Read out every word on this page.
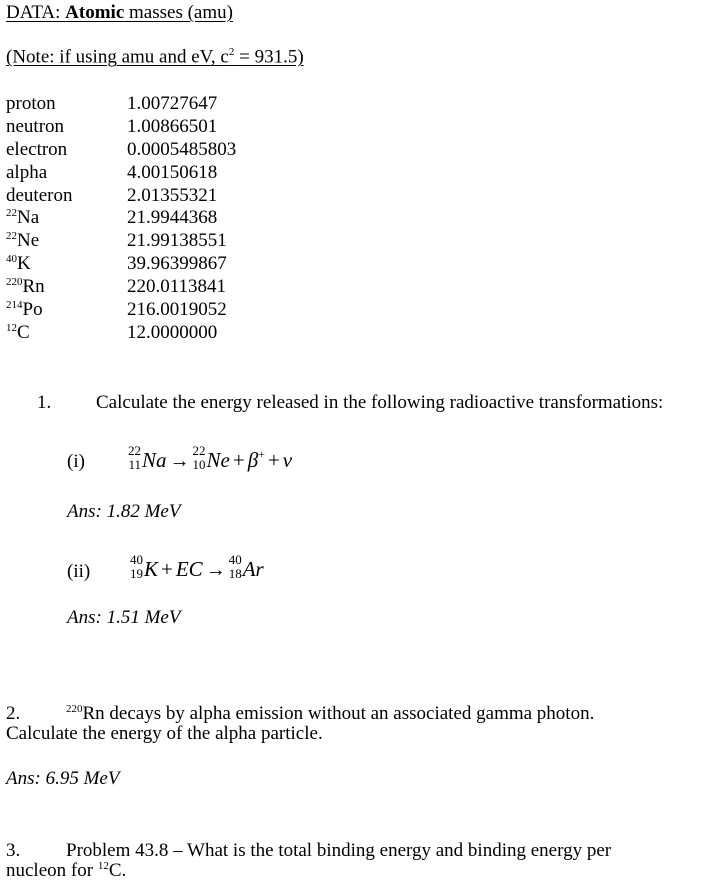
DATA: Atomic masses (amu)
(Note: if using amu and eV, $c^2 = 931.5$)
proton	1.00727647
neutron	1.00866501
electron	0.0005485803
alpha	4.00150618
deuteron	2.01355321
$^{22}$Na	21.9944368
$^{22}$Ne	21.99138551
$^{40}$K	39.96399867
$^{220}$Rn	220.0113841
$^{214}$Po	216.0019052
$^{12}$C	12.0000000
1. Calculate the energy released in the following radioactive transformations:
(i)
22
11 Na → 22
10 Ne + β+ + ν
Ans: 1.82 MeV
(ii)
40
19 K + EC → 40
18 Ar
Ans: 1.51 MeV
2.	$^{220}$Rn decays by alpha emission without an associated gamma photon.
Calculate the energy of the alpha particle.
Ans: 6.95 MeV
3. Problem 43.8 – What is the total binding energy and binding energy per
nucleon for $^{12}$C.
